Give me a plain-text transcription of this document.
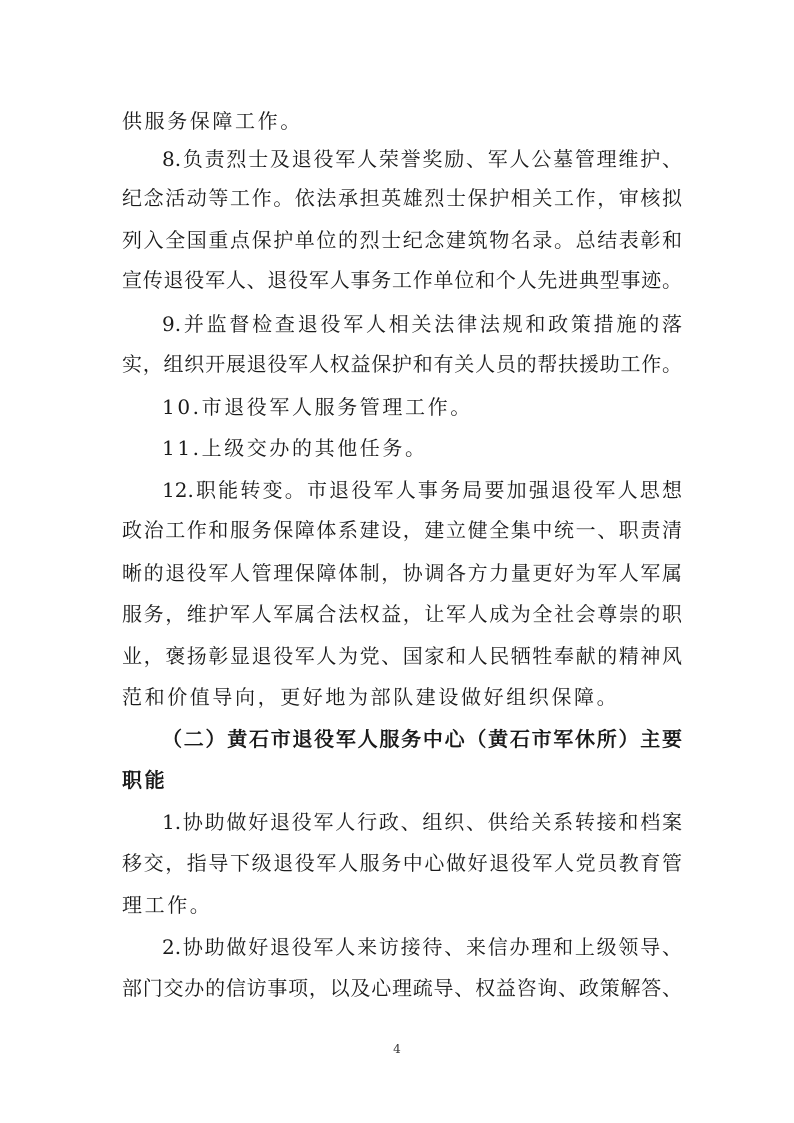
供服务保障工作。
8.负责烈士及退役军人荣誉奖励、军人公墓管理维护、
纪念活动等工作。依法承担英雄烈士保护相关工作，审核拟
列入全国重点保护单位的烈士纪念建筑物名录。总结表彰和
宣传退役军人、退役军人事务工作单位和个人先进典型事迹。
9.并监督检查退役军人相关法律法规和政策措施的落
实，组织开展退役军人权益保护和有关人员的帮扶援助工作。
10.市退役军人服务管理工作。
11.上级交办的其他任务。
12.职能转变。市退役军人事务局要加强退役军人思想
政治工作和服务保障体系建设，建立健全集中统一、职责清
晰的退役军人管理保障体制，协调各方力量更好为军人军属
服务，维护军人军属合法权益，让军人成为全社会尊崇的职
业，褒扬彰显退役军人为党、国家和人民牺牲奉献的精神风
范和价值导向，更好地为部队建设做好组织保障。
（二）黄石市退役军人服务中心（黄石市军休所）主要
职能
1.协助做好退役军人行政、组织、供给关系转接和档案
移交，指导下级退役军人服务中心做好退役军人党员教育管
理工作。
2.协助做好退役军人来访接待、来信办理和上级领导、
部门交办的信访事项，以及心理疏导、权益咨询、政策解答、
4
